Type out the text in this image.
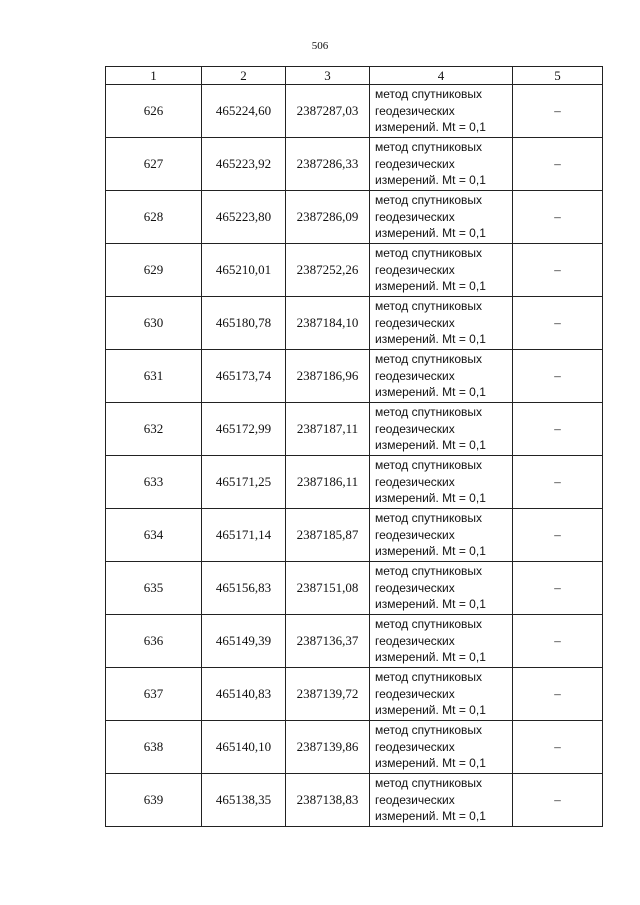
506
1	2	3	4	5
626	465224,60	2387287,03	метод спутниковых
геодезических
измерений. Mt = 0,1	–
627	465223,92	2387286,33	метод спутниковых
геодезических
измерений. Mt = 0,1	–
628	465223,80	2387286,09	метод спутниковых
геодезических
измерений. Mt = 0,1	–
629	465210,01	2387252,26	метод спутниковых
геодезических
измерений. Mt = 0,1	–
630	465180,78	2387184,10	метод спутниковых
геодезических
измерений. Mt = 0,1	–
631	465173,74	2387186,96	метод спутниковых
геодезических
измерений. Mt = 0,1	–
632	465172,99	2387187,11	метод спутниковых
геодезических
измерений. Mt = 0,1	–
633	465171,25	2387186,11	метод спутниковых
геодезических
измерений. Mt = 0,1	–
634	465171,14	2387185,87	метод спутниковых
геодезических
измерений. Mt = 0,1	–
635	465156,83	2387151,08	метод спутниковых
геодезических
измерений. Mt = 0,1	–
636	465149,39	2387136,37	метод спутниковых
геодезических
измерений. Mt = 0,1	–
637	465140,83	2387139,72	метод спутниковых
геодезических
измерений. Mt = 0,1	–
638	465140,10	2387139,86	метод спутниковых
геодезических
измерений. Mt = 0,1	–
639	465138,35	2387138,83	метод спутниковых
геодезических
измерений. Mt = 0,1	–
